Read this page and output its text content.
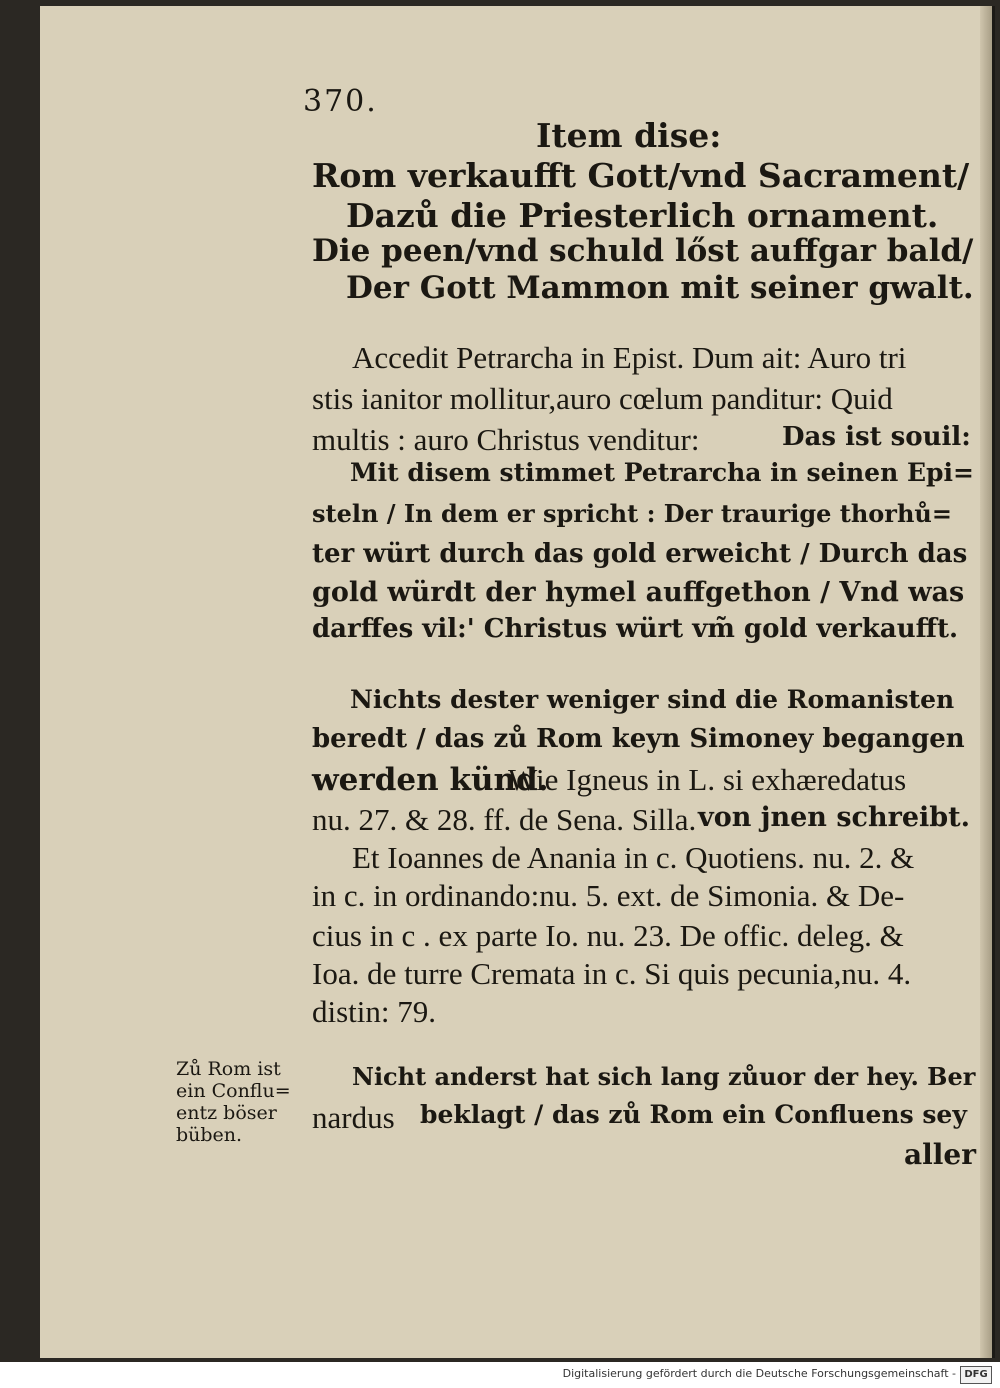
370.
Item dise:
Rom verkaufft Gott/vnd Sacrament/
Dazů die Priesterlich ornament.
Die peen/vnd schuld lőst auffgar bald/
Der Gott Mammon mit seiner gwalt.
Accedit Petrarcha in Epist. Dum ait: Auro tri
stis ianitor mollitur,auro cœlum panditur: Quid
multis : auro Christus venditur:	Das ist souil:
Mit disem stimmet Petrarcha in seinen Epi=
steln / In dem er spricht : Der traurige thorhů=
ter würt durch das gold erweicht / Durch das
gold würdt der hymel auffgethon / Vnd was
darffes vil:' Christus würt vm̃ gold verkaufft.
Nichts dester weniger sind die Romanisten
beredt / das zů Rom keyn Simoney begangen
werden künd.
Wie Igneus in L. si exhæredatus
nu. 27. & 28. ff. de Sena. Silla. von jnen schreibt.
Et Ioannes de Anania in c. Quotiens. nu. 2. &
in c. in ordinando:nu. 5. ext. de Simonia. & De-
cius in c . ex parte Io. nu. 23. De offic. deleg. &
Ioa. de turre Cremata in c. Si quis pecunia,nu. 4.
distin: 79.
Zů Rom ist
ein Conflu=
entz böser
büben.
Nicht anderst hat sich lang zůuor der hey. Ber
nardus beklagt / das zů Rom ein Confluens sey
aller
Digitalisierung gefördert durch die Deutsche Forschungsgemeinschaft - DFG
